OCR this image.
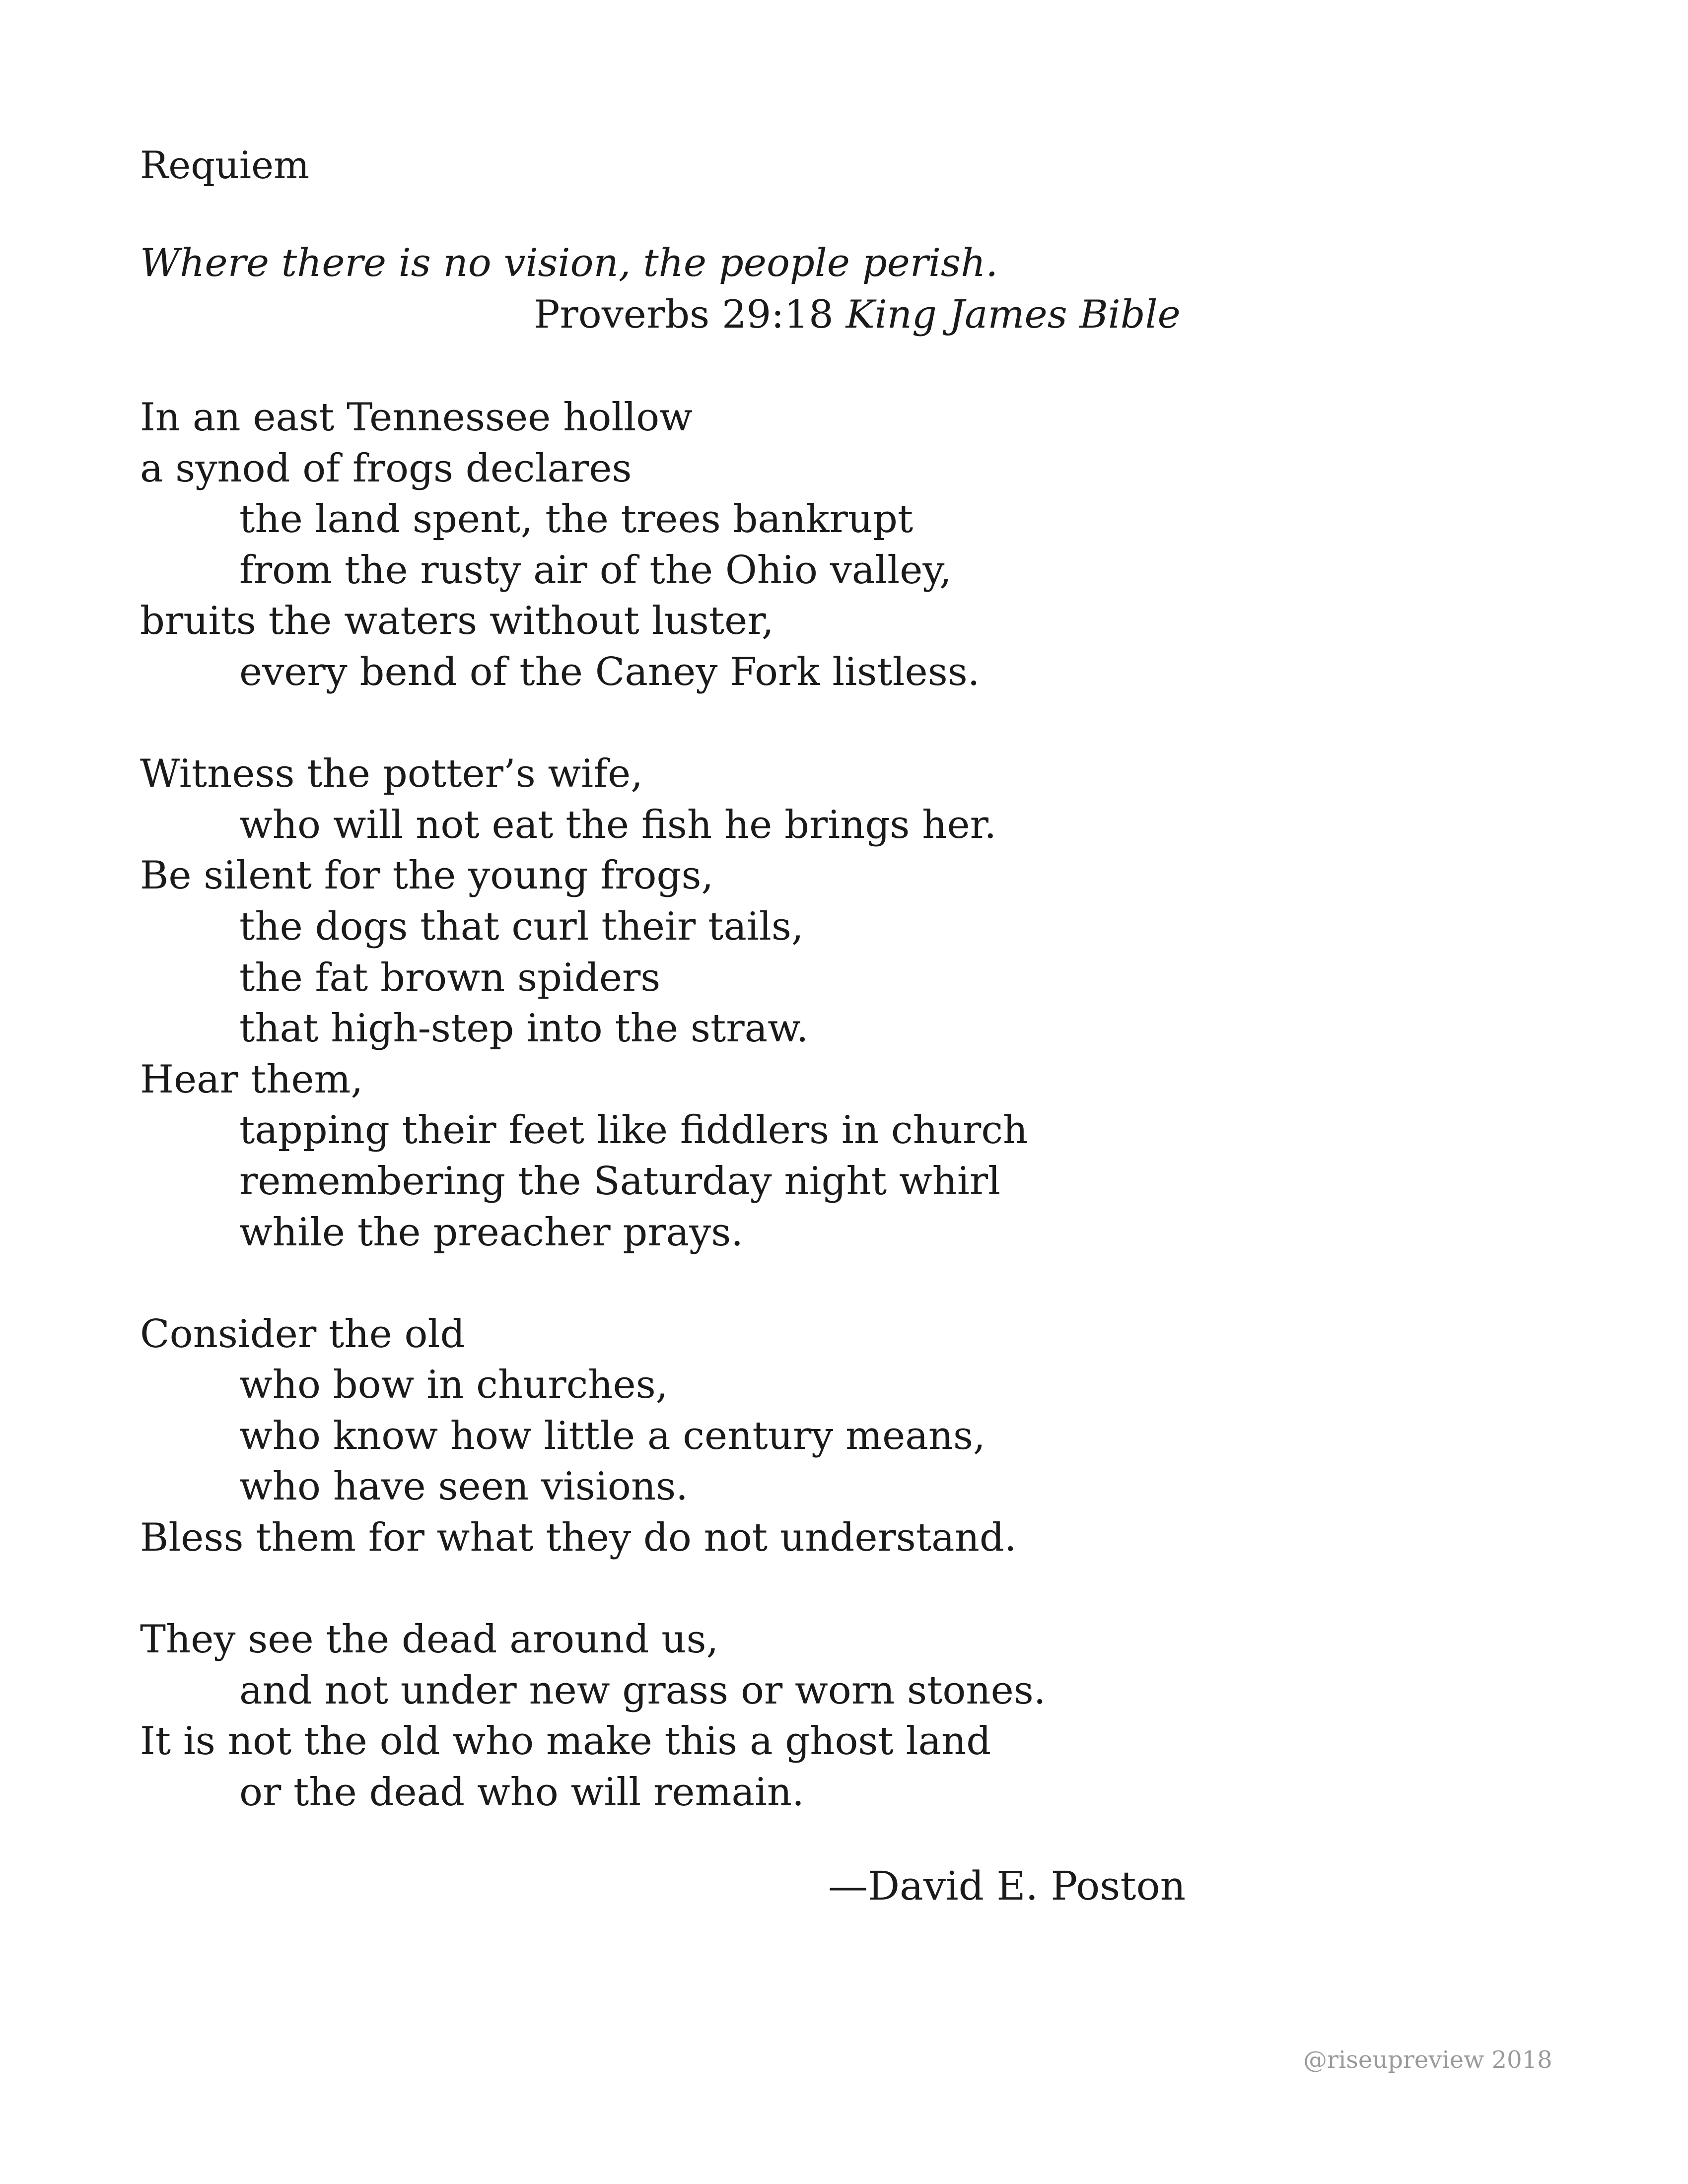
Requiem
Where there is no vision, the people perish.
Proverbs 29:18 King James Bible
In an east Tennessee hollow
a synod of frogs declares
the land spent, the trees bankrupt
from the rusty air of the Ohio valley,
bruits the waters without luster,
every bend of the Caney Fork listless.
Witness the potter’s wife,
who will not eat the fish he brings her.
Be silent for the young frogs,
the dogs that curl their tails,
the fat brown spiders
that high-step into the straw.
Hear them,
tapping their feet like fiddlers in church
remembering the Saturday night whirl
while the preacher prays.
Consider the old
who bow in churches,
who know how little a century means,
who have seen visions.
Bless them for what they do not understand.
They see the dead around us,
and not under new grass or worn stones.
It is not the old who make this a ghost land
or the dead who will remain.
—David E. Poston
@riseupreview 2018
